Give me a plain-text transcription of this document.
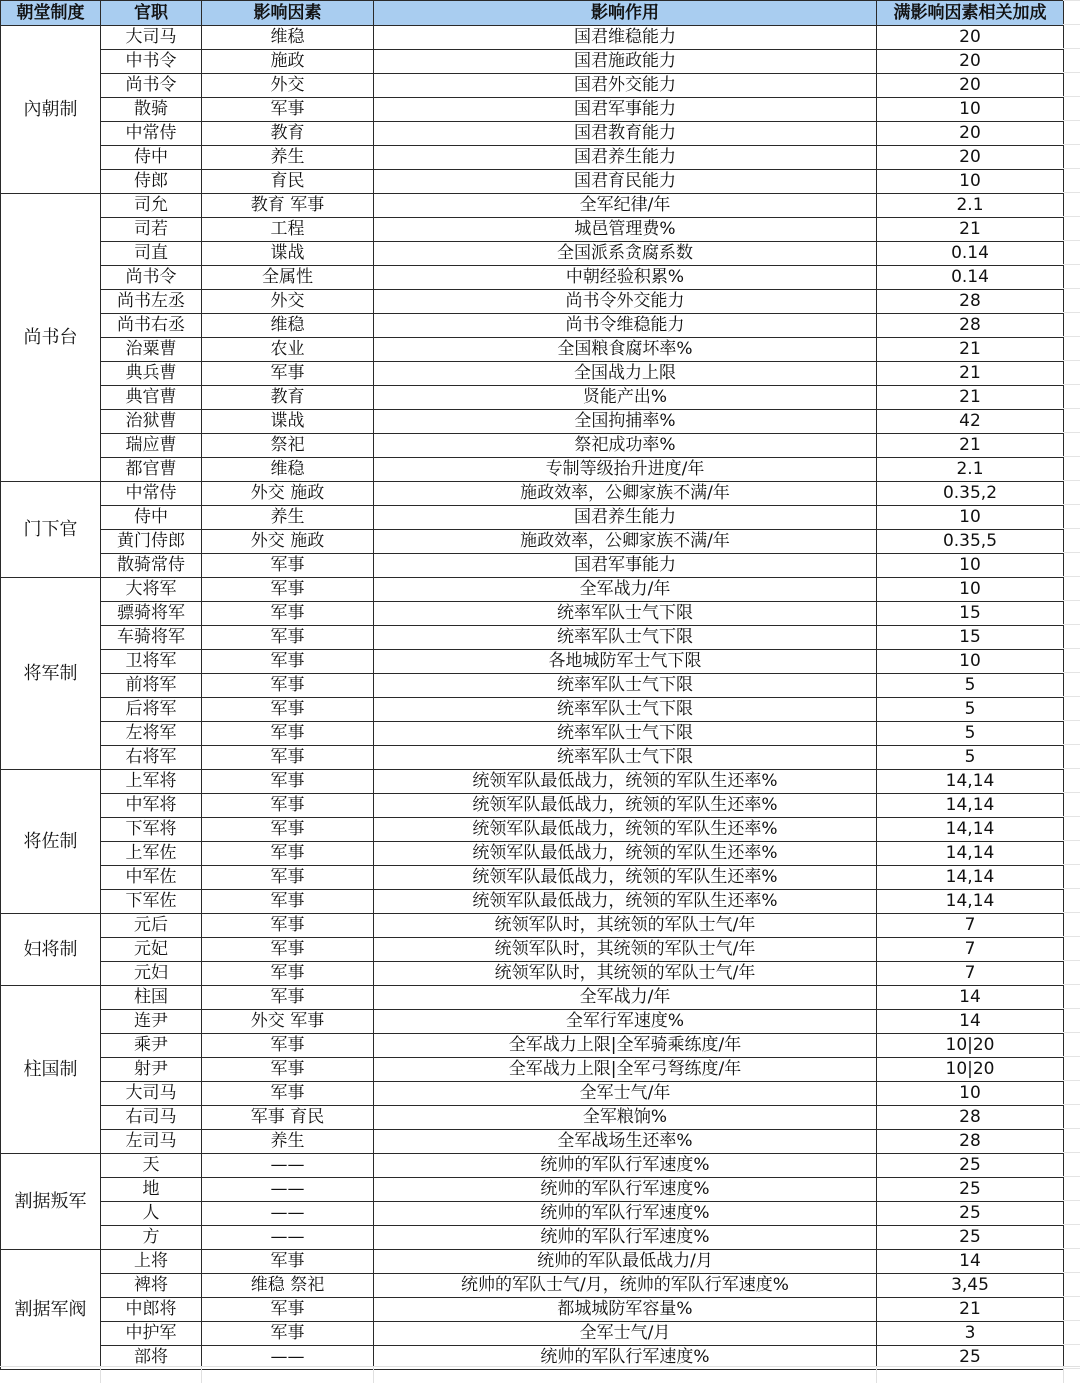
朝堂制度	官职	影响因素	影响作用	满影响因素相关加成
內朝制	大司马	维稳	国君维稳能力	20
	中书令	施政	国君施政能力	20
	尚书令	外交	国君外交能力	20
	散骑	军事	国君军事能力	10
	中常侍	教育	国君教育能力	20
	侍中	养生	国君养生能力	20
	侍郎	育民	国君育民能力	10
尚书台	司允	教育 军事	全军纪律/年	2.1
	司若	工程	城邑管理费%	21
	司直	谍战	全国派系贪腐系数	0.14
	尚书令	全属性	中朝经验积累%	0.14
	尚书左丞	外交	尚书令外交能力	28
	尚书右丞	维稳	尚书令维稳能力	28
	治粟曹	农业	全国粮食腐坏率%	21
	典兵曹	军事	全国战力上限	21
	典官曹	教育	贤能产出%	21
	治狱曹	谍战	全国拘捕率%	42
	瑞应曹	祭祀	祭祀成功率%	21
	都官曹	维稳	专制等级抬升进度/年	2.1
门下官	中常侍	外交 施政	施政效率，公卿家族不满/年	0.35,2
	侍中	养生	国君养生能力	10
	黄门侍郎	外交 施政	施政效率，公卿家族不满/年	0.35,5
	散骑常侍	军事	国君军事能力	10
将军制	大将军	军事	全军战力/年	10
	骠骑将军	军事	统率军队士气下限	15
	车骑将军	军事	统率军队士气下限	15
	卫将军	军事	各地城防军士气下限	10
	前将军	军事	统率军队士气下限	5
	后将军	军事	统率军队士气下限	5
	左将军	军事	统率军队士气下限	5
	右将军	军事	统率军队士气下限	5
将佐制	上军将	军事	统领军队最低战力，统领的军队生还率%	14,14
	中军将	军事	统领军队最低战力，统领的军队生还率%	14,14
	下军将	军事	统领军队最低战力，统领的军队生还率%	14,14
	上军佐	军事	统领军队最低战力，统领的军队生还率%	14,14
	中军佐	军事	统领军队最低战力，统领的军队生还率%	14,14
	下军佐	军事	统领军队最低战力，统领的军队生还率%	14,14
妇将制	元后	军事	统领军队时，其统领的军队士气/年	7
	元妃	军事	统领军队时，其统领的军队士气/年	7
	元妇	军事	统领军队时，其统领的军队士气/年	7
柱国制	柱国	军事	全军战力/年	14
	连尹	外交 军事	全军行军速度%	14
	乘尹	军事	全军战力上限|全军骑乘练度/年	10|20
	射尹	军事	全军战力上限|全军弓弩练度/年	10|20
	大司马	军事	全军士气/年	10
	右司马	军事 育民	全军粮饷%	28
	左司马	养生	全军战场生还率%	28
割据叛军	天	——	统帅的军队行军速度%	25
	地	——	统帅的军队行军速度%	25
	人	——	统帅的军队行军速度%	25
	方	——	统帅的军队行军速度%	25
割据军阀	上将	军事	统帅的军队最低战力/月	14
	裨将	维稳 祭祀	统帅的军队士气/月，统帅的军队行军速度%	3,45
	中郎将	军事	都城城防军容量%	21
	中护军	军事	全军士气/月	3
	部将	——	统帅的军队行军速度%	25
